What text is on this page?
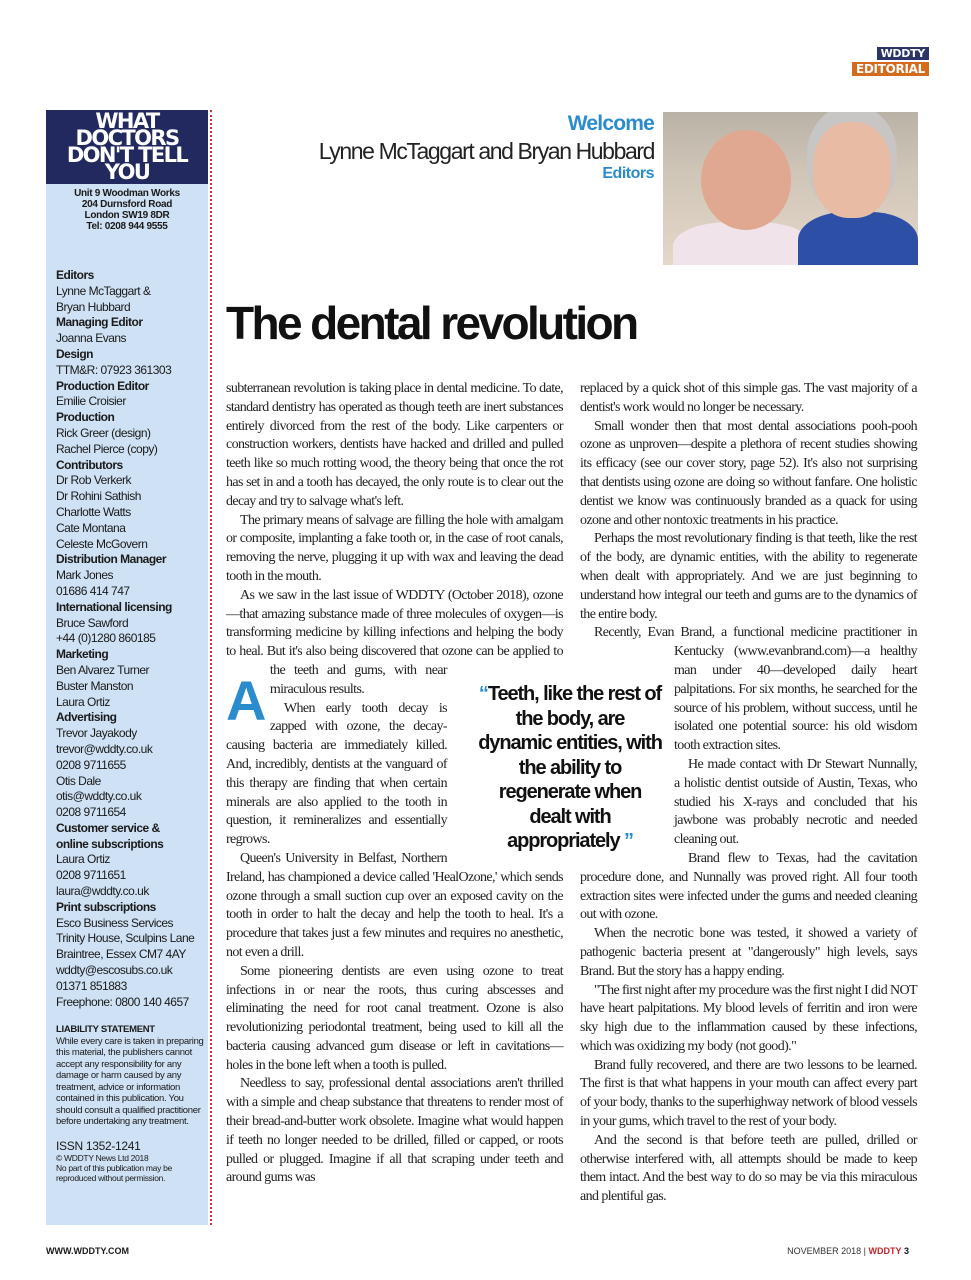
WDDTY
EDITORIAL
WHAT DOCTORS
DON'T TELL YOU
Unit 9 Woodman Works
204 Durnsford Road
London SW19 8DR
Tel: 0208 944 9555
Editors
Lynne McTaggart &
Bryan Hubbard
Managing Editor
Joanna Evans
Design
TTM&R: 07923 361303
Production Editor
Emilie Croisier
Production
Rick Greer (design)
Rachel Pierce (copy)
Contributors
Dr Rob Verkerk
Dr Rohini Sathish
Charlotte Watts
Cate Montana
Celeste McGovern
Distribution Manager
Mark Jones
01686 414 747
International licensing
Bruce Sawford
+44 (0)1280 860185
Marketing
Ben Alvarez Turner
Buster Manston
Laura Ortiz
Advertising
Trevor Jayakody
trevor@wddty.co.uk
0208 9711655
Otis Dale
otis@wddty.co.uk
0208 9711654
Customer service &
online subscriptions
Laura Ortiz
0208 9711651
laura@wddty.co.uk
Print subscriptions
Esco Business Services
Trinity House, Sculpins Lane
Braintree, Essex CM7 4AY
wddty@escosubs.co.uk
01371 851883
Freephone: 0800 140 4657
LIABILITY STATEMENT
While every care is taken in preparing this material, the publishers cannot accept any responsibility for any damage or harm caused by any treatment, advice or information contained in this publication. You should consult a qualified practitioner before undertaking any treatment.
ISSN 1352-1241
© WDDTY News Ltd 2018
No part of this publication may be reproduced without permission.
Welcome
Lynne McTaggart and Bryan Hubbard
Editors
The dental revolution

A
subterranean revolution is taking place in dental medicine. To date, standard dentistry has operated as though teeth are inert substances entirely divorced from the rest of the body. Like carpenters or construction workers, dentists have hacked and drilled and pulled teeth like so much rotting wood, the theory being that once the rot has set in and a tooth has decayed, the only route is to clear out the decay and try to salvage what's left.

The primary means of salvage are filling the hole with amalgam or composite, implanting a fake tooth or, in the case of root canals, removing the nerve, plugging it up with wax and leaving the dead tooth in the mouth.

As we saw in the last issue of WDDTY (October 2018), ozone—that amazing substance made of three molecules of oxygen—is transforming medicine by killing infections and helping the body to heal. But it's also being discovered that ozone can be applied to the teeth and gums, with near miraculous results.

When early tooth decay is zapped with ozone, the decay-causing bacteria are immediately killed. And, incredibly, dentists at the vanguard of this therapy are finding that when certain minerals are also applied to the tooth in question, it remineralizes and essentially regrows.

Queen's University in Belfast, Northern Ireland, has championed a device called 'HealOzone,' which sends ozone through a small suction cup over an exposed cavity on the tooth in order to halt the decay and help the tooth to heal. It's a procedure that takes just a few minutes and requires no anesthetic, not even a drill.

Some pioneering dentists are even using ozone to treat infections in or near the roots, thus curing abscesses and eliminating the need for root canal treatment. Ozone is also revolutionizing periodontal treatment, being used to kill all the bacteria causing advanced gum disease or left in cavitations—holes in the bone left when a tooth is pulled.

Needless to say, professional dental associations aren't thrilled with a simple and cheap substance that threatens to render most of their bread-and-butter work obsolete. Imagine what would happen if teeth no longer needed to be drilled, filled or capped, or roots pulled or plugged. Imagine if all that scraping under teeth and around gums was

replaced by a quick shot of this simple gas. The vast majority of a dentist's work would no longer be necessary.

Small wonder then that most dental associations pooh-pooh ozone as unproven—despite a plethora of recent studies showing its efficacy (see our cover story, page 52). It's also not surprising that dentists using ozone are doing so without fanfare. One holistic dentist we know was continuously branded as a quack for using ozone and other nontoxic treatments in his practice.

Perhaps the most revolutionary finding is that teeth, like the rest of the body, are dynamic entities, with the ability to regenerate when dealt with appropriately. And we are just beginning to understand how integral our teeth and gums are to the dynamics of the entire body.

Recently, Evan Brand, a functional medicine practitioner in Kentucky (www.evanbrand.com)—a healthy man under 40—developed daily heart palpitations. For six months, he searched for the source of his problem, without success, until he isolated one potential source: his old wisdom tooth extraction sites.

He made contact with Dr Stewart Nunnally, a holistic dentist outside of Austin, Texas, who studied his X-rays and concluded that his jawbone was probably necrotic and needed cleaning out.

Brand flew to Texas, had the cavitation procedure done, and Nunnally was proved right. All four tooth extraction sites were infected under the gums and needed cleaning out with ozone.

When the necrotic bone was tested, it showed a variety of pathogenic bacteria present at "dangerously" high levels, says Brand. But the story has a happy ending.

"The first night after my procedure was the first night I did NOT have heart palpitations. My blood levels of ferritin and iron were sky high due to the inflammation caused by these infections, which was oxidizing my body (not good)."

Brand fully recovered, and there are two lessons to be learned. The first is that what happens in your mouth can affect every part of your body, thanks to the superhighway network of blood vessels in your gums, which travel to the rest of your body.

And the second is that before teeth are pulled, drilled or otherwise interfered with, all attempts should be made to keep them intact. And the best way to do so may be via this miraculous and plentiful gas.

“Teeth, like the rest of the body, are dynamic entities, with the ability to regenerate when dealt with appropriately ”
WWW.WDDTY.COM	NOVEMBER 2018 | WDDTY 3
